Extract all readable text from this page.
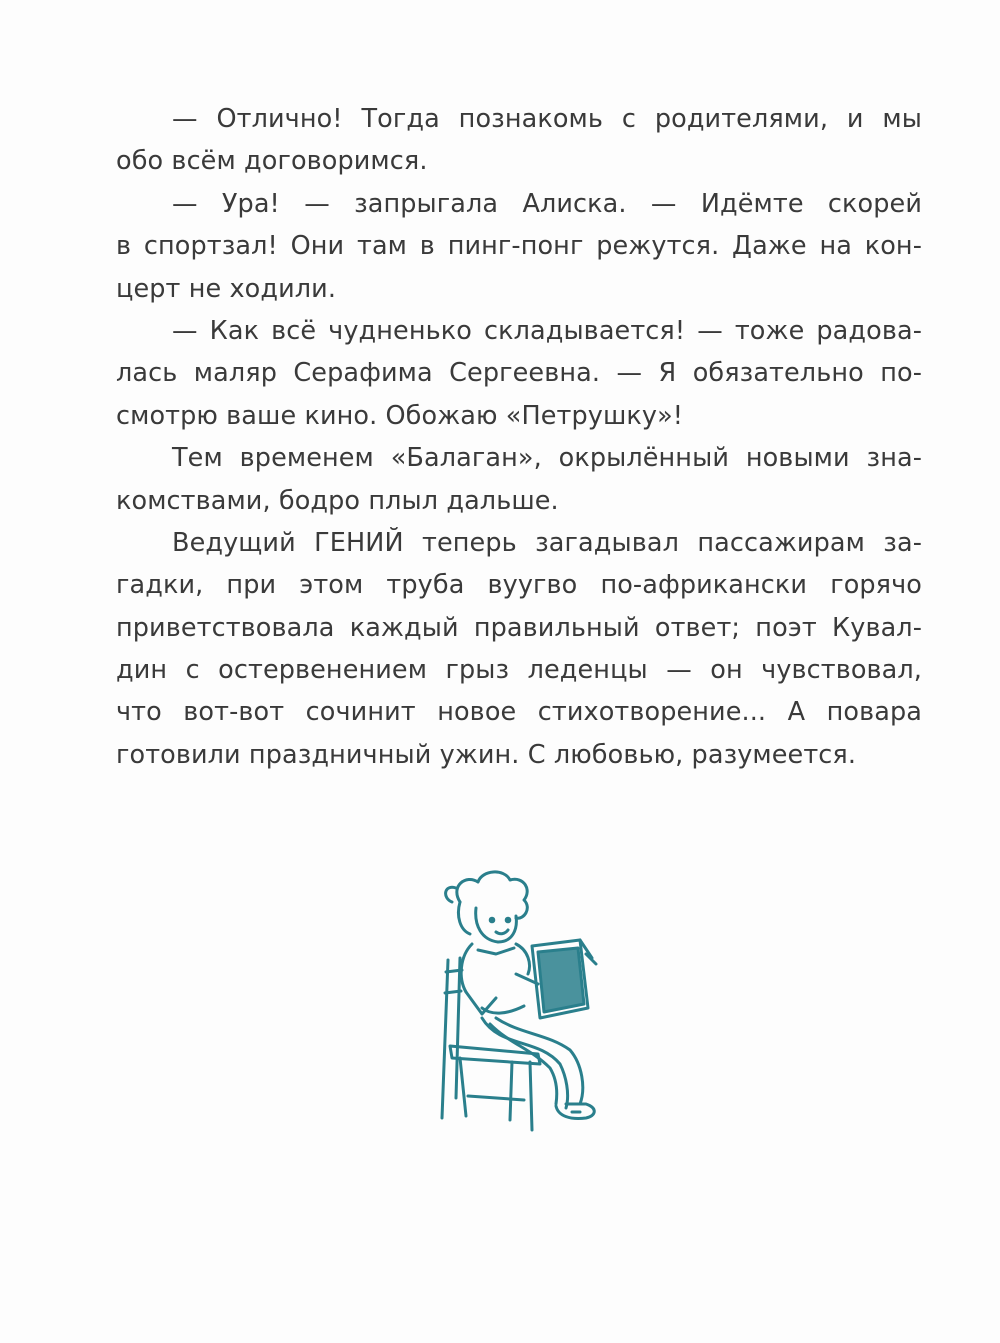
— Отлично! Тогда познакомь с родителями, и мы
обо всём договоримся.
— Ура! — запрыгала Алиска. — Идёмте скорей
в спортзал! Они там в пинг-понг режутся. Даже на кон-
церт не ходили.
— Как всё чудненько складывается! — тоже радова-
лась маляр Серафима Сергеевна. — Я обязательно по-
смотрю ваше кино. Обожаю «Петрушку»!
Тем временем «Балаган», окрылённый новыми зна-
комствами, бодро плыл дальше.
Ведущий ГЕНИЙ теперь загадывал пассажирам за-
гадки, при этом труба вуугво по-африкански горячо
приветствовала каждый правильный ответ; поэт Кувал-
дин с остервенением грыз леденцы — он чувствовал,
что вот-вот сочинит новое стихотворение... А повара
готовили праздничный ужин. С любовью, разумеется.
